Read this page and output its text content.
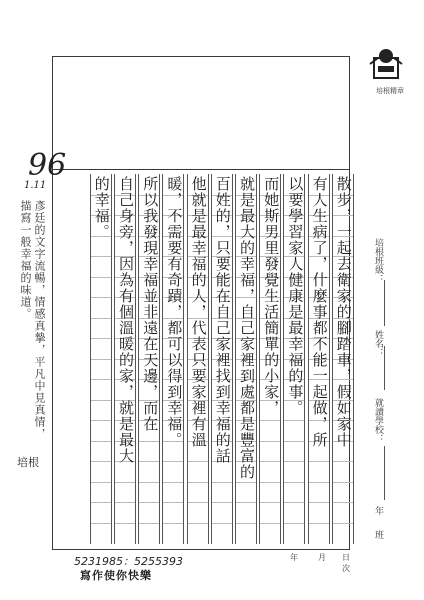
培根精章
96
1.11
彥廷的文字流暢，情感真摯，平凡中見真情，描寫一般幸福的味道。
培根
散步，一起去衛家的腳踏車，假如家中
有人生病了，什麼事都不能一起做，所
以要學習家人健康是最幸福的事。
而她斯男里發覺生活簡單的小家，
就是最大的幸福，自己家裡到處都是豐富的
百姓的，只要能在自己家裡找到幸福的話
他就是最幸福的人，代表只要家裡有溫
暖，不需要有奇蹟，都可以得到幸福。
所以我發現幸福並非遠在天邊，而在
自己身旁，因為有個溫暖的家，就是最大
的幸福。
培根班級：
姓名：
就讀學校：
年
班
年	月 日
次
5231985：5255393
寫作使你快樂
